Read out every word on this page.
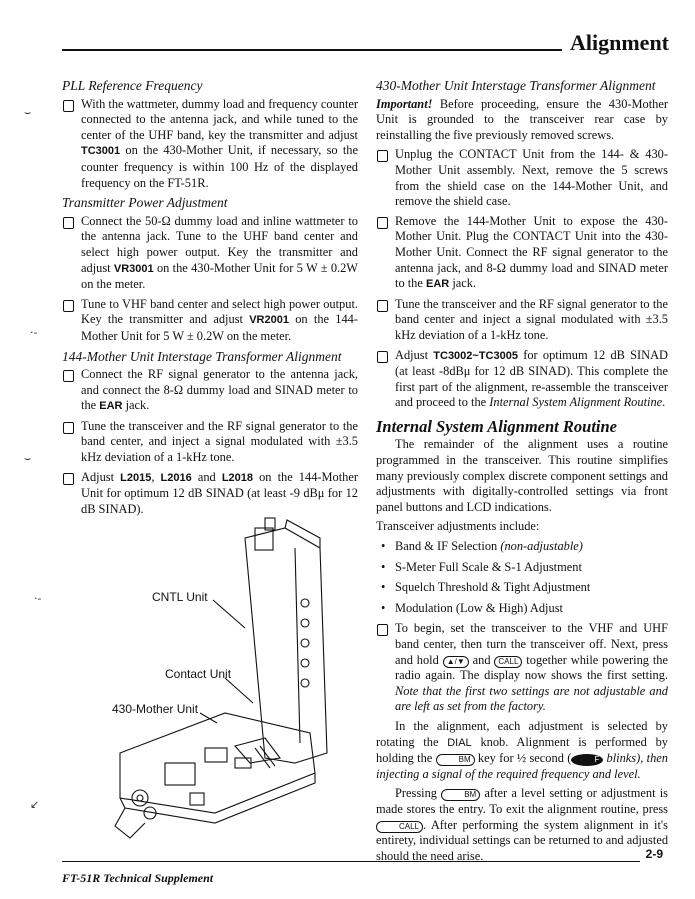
Alignment
⌣
·-
⌣
·-
↙
PLL Reference Frequency
With the wattmeter, dummy load and frequency counter connected to the antenna jack, and while tuned to the center of the UHF band, key the transmitter and adjust TC3001 on the 430-Mother Unit, if necessary, so the counter frequency is within 100 Hz of the displayed frequency on the FT-51R.
Transmitter Power Adjustment
Connect the 50-Ω dummy load and inline wattmeter to the antenna jack. Tune to the UHF band center and select high power output. Key the transmitter and adjust VR3001 on the 430-Mother Unit for 5 W ± 0.2W on the meter.
Tune to VHF band center and select high power output. Key the transmitter and adjust VR2001 on the 144-Mother Unit for 5 W ± 0.2W on the meter.
144-Mother Unit Interstage Transformer Alignment
Connect the RF signal generator to the antenna jack, and connect the 8-Ω dummy load and SINAD meter to the EAR jack.
Tune the transceiver and the RF signal generator to the band center, and inject a signal modulated with ±3.5 kHz deviation of a 1-kHz tone.
Adjust L2015, L2016 and L2018 on the 144-Mother Unit for optimum 12 dB SINAD (at least -9 dBμ for 12 dB SINAD).
CNTL Unit
Contact Unit
430-Mother Unit
430-Mother Unit Interstage Transformer Alignment

Important! Before proceeding, ensure the 430-Mother Unit is grounded to the transceiver rear case by reinstalling the five previously removed screws.

Unplug the CONTACT Unit from the 144- & 430-Mother Unit assembly. Next, remove the 5 screws from the shield case on the 144-Mother Unit, and remove the shield case.
Remove the 144-Mother Unit to expose the 430-Mother Unit. Plug the CONTACT Unit into the 430-Mother Unit. Connect the RF signal generator to the antenna jack, and 8-Ω dummy load and SINAD meter to the EAR jack.
Tune the transceiver and the RF signal generator to the band center and inject a signal modulated with ±3.5 kHz deviation of a 1-kHz tone.
Adjust TC3002~TC3005 for optimum 12 dB SINAD (at least -8dBμ for 12 dB SINAD). This complete the first part of the alignment, re-assemble the transceiver and proceed to the Internal System Alignment Routine.
Internal System Alignment Routine

The remainder of the alignment uses a routine programmed in the transceiver. This routine simplifies many previously complex discrete component settings and adjustments with digitally-controlled settings via front panel buttons and LCD indications.

Transceiver adjustments include:

• Band & IF Selection (non-adjustable)
• S-Meter Full Scale & S-1 Adjustment
• Squelch Threshold & Tight Adjustment
• Modulation (Low & High) Adjust
To begin, set the transceiver to the VHF and UHF band center, then turn the transceiver off. Next, press and hold ▲/▼ and CALL together while powering the radio again. The display now shows the first setting. Note that the first two settings are not adjustable and are left as set from the factory.

In the alignment, each adjustment is selected by rotating the DIAL knob. Alignment is performed by holding the	BM key for ½ second (	F blinks), then injecting a signal of the required frequency and level.

Pressing	BM after a level setting or adjustment is made stores the entry. To exit the alignment routine, press CALL . After performing the system alignment in it's entirety, individual settings can be returned to and adjusted should the need arise.	2-9
FT-51R Technical Supplement
